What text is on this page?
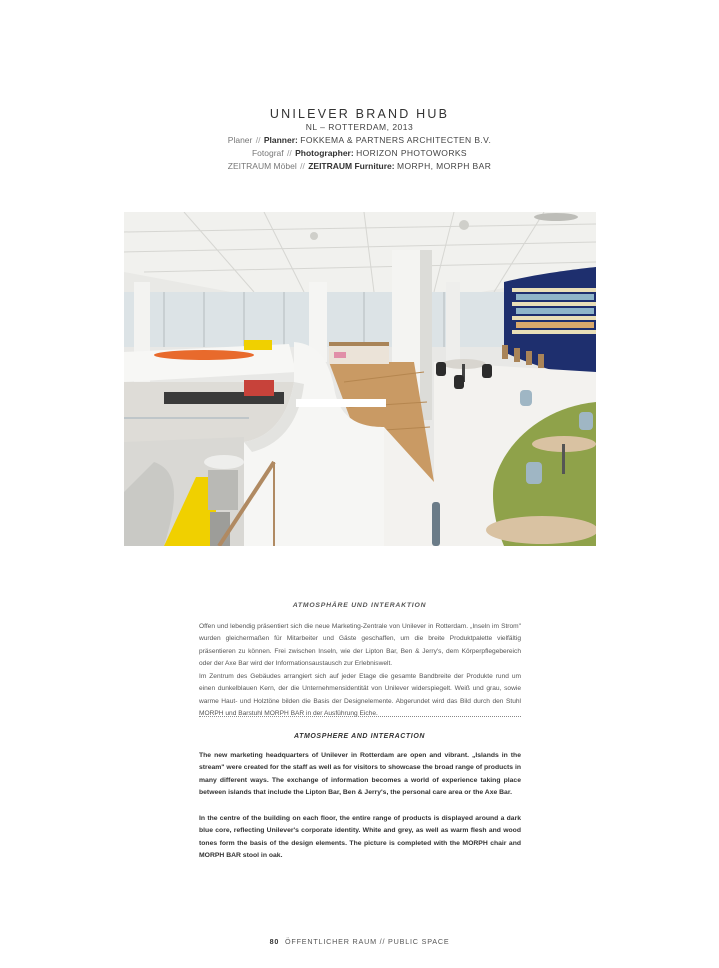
UNILEVER BRAND HUB
NL – ROTTERDAM, 2013
Planer // Planner: FOKKEMA & PARTNERS ARCHITECTEN B.V.
Fotograf // Photographer: HORIZON PHOTOWORKS
ZEITRAUM Möbel // ZEITRAUM Furniture: MORPH, MORPH BAR
ATMOSPHÄRE UND INTERAKTION

Offen und lebendig präsentiert sich die neue Marketing-Zentrale von Unilever in Rotterdam. „Inseln im Strom" wurden gleichermaßen für Mitarbeiter und Gäste geschaffen, um die breite Produktpalette vielfältig präsentieren zu können. Frei zwischen Inseln, wie der Lipton Bar, Ben & Jerry's, dem Körperpflegebereich oder der Axe Bar wird der Informationsaustausch zur Erlebniswelt.

Im Zentrum des Gebäudes arrangiert sich auf jeder Etage die gesamte Bandbreite der Produkte rund um einen dunkelblauen Kern, der die Unternehmensidentität von Unilever widerspiegelt. Weiß und grau, sowie warme Haut- und Holztöne bilden die Basis der Designelemente. Abgerundet wird das Bild durch den Stuhl MORPH und Barstuhl MORPH BAR in der Ausführung Eiche.

ATMOSPHERE AND INTERACTION

The new marketing headquarters of Unilever in Rotterdam are open and vibrant. „Islands in the stream" were created for the staff as well as for visitors to showcase the broad range of products in many different ways. The exchange of information becomes a world of experience taking place between islands that include the Lipton Bar, Ben & Jerry's, the personal care area or the Axe Bar.

In the centre of the building on each floor, the entire range of products is displayed around a dark blue core, reflecting Unilever's corporate identity. White and grey, as well as warm flesh and wood tones form the basis of the design elements. The picture is completed with the MORPH chair and MORPH BAR stool in oak.

80 ÖFFENTLICHER RAUM // PUBLIC SPACE
